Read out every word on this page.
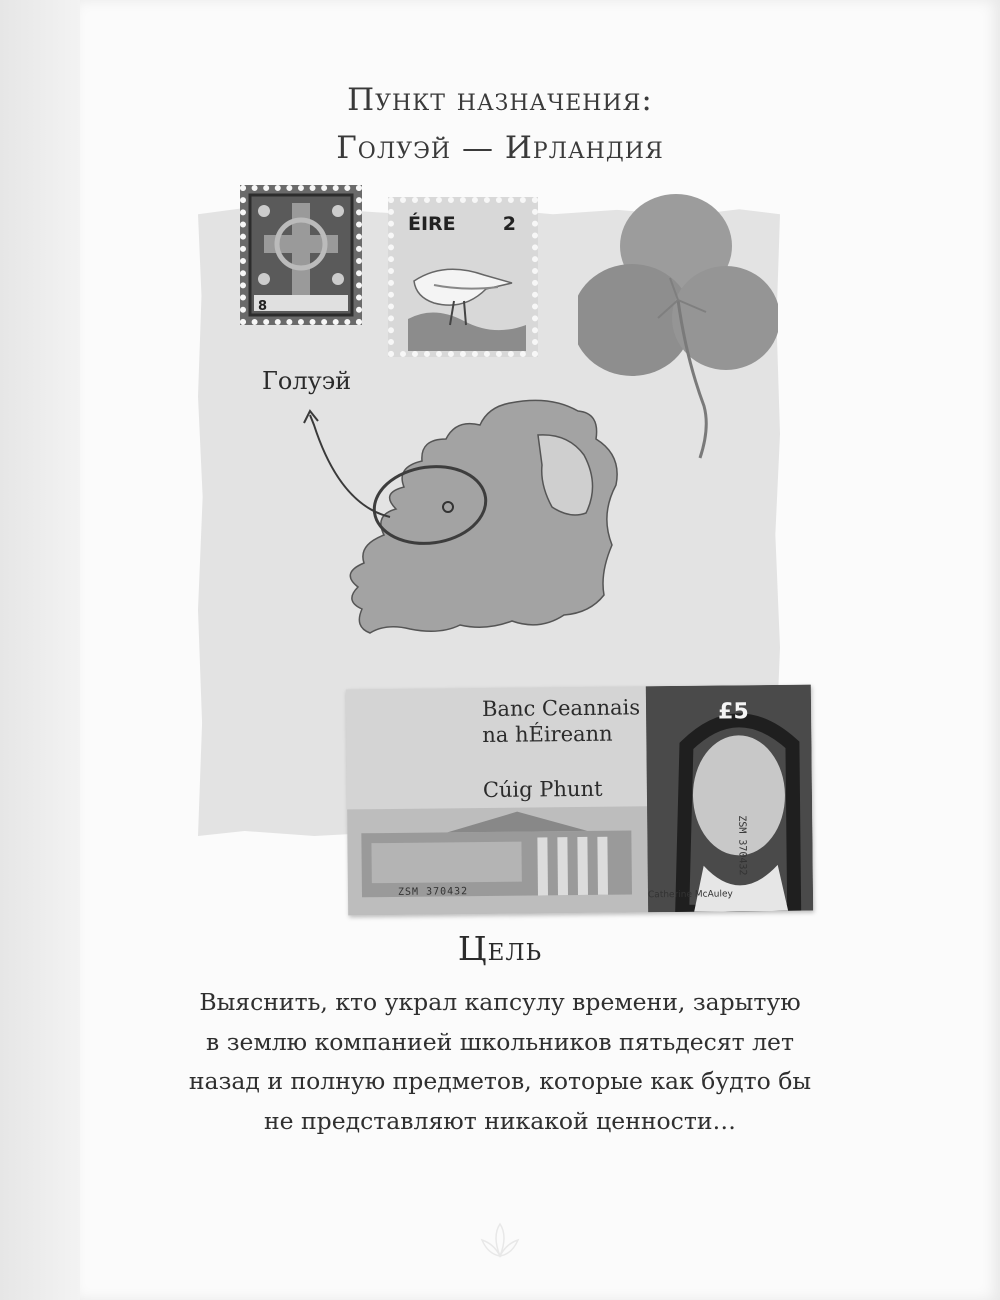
Пункт назначения:
Голуэй — Ирландия
8
ÉIRE 2
Голуэй
Banc Ceannais
na hÉireann
£5
Cúig Phunt
ZSM 370432
ZSM 370432	Catherine McAuley
Цель
Выяснить, кто украл капсулу времени, зарытую
в землю компанией школьников пятьдесят лет
назад и полную предметов, которые как будто бы
не представляют никакой ценности…
